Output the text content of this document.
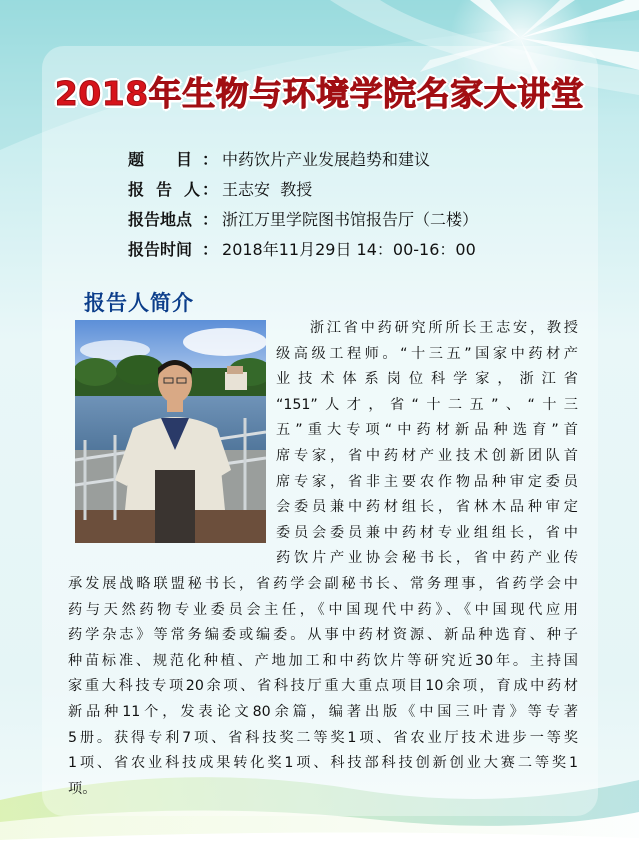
2018年生物与环境学院名家大讲堂
题　　目 ： 中药饮片产业发展趋势和建议
报 告 人 ： 王志安  教授
报告地点 ： 浙江万里学院图书馆报告厅（二楼）
报告时间 ： 2018年11月29日 14：00-16：00
报告人简介
　　浙江省中药研究所所长王志安，教授
级高级工程师。“十三五”国家中药材产
业技术体系岗位科学家，浙江省
“151”人才，省“十二五”、“十三
五”重大专项“中药材新品种选育”首
席专家，省中药材产业技术创新团队首
席专家，省非主要农作物品种审定委员
会委员兼中药材组长，省林木品种审定
委员会委员兼中药材专业组组长，省中
药饮片产业协会秘书长，省中药产业传
承发展战略联盟秘书长，省药学会副秘书长、常务理事，省药学会中
药与天然药物专业委员会主任，《中国现代中药》、《中国现代应用
药学杂志》等常务编委或编委。从事中药材资源、新品种选育、种子
种苗标准、规范化种植、产地加工和中药饮片等研究近30年。主持国
家重大科技专项20余项、省科技厅重大重点项目10余项，育成中药材
新品种11个，发表论文80余篇，编著出版《中国三叶青》等专著
5册。获得专利7项、省科技奖二等奖1项、省农业厅技术进步一等奖
1项、省农业科技成果转化奖1项、科技部科技创新创业大赛二等奖1
项。
